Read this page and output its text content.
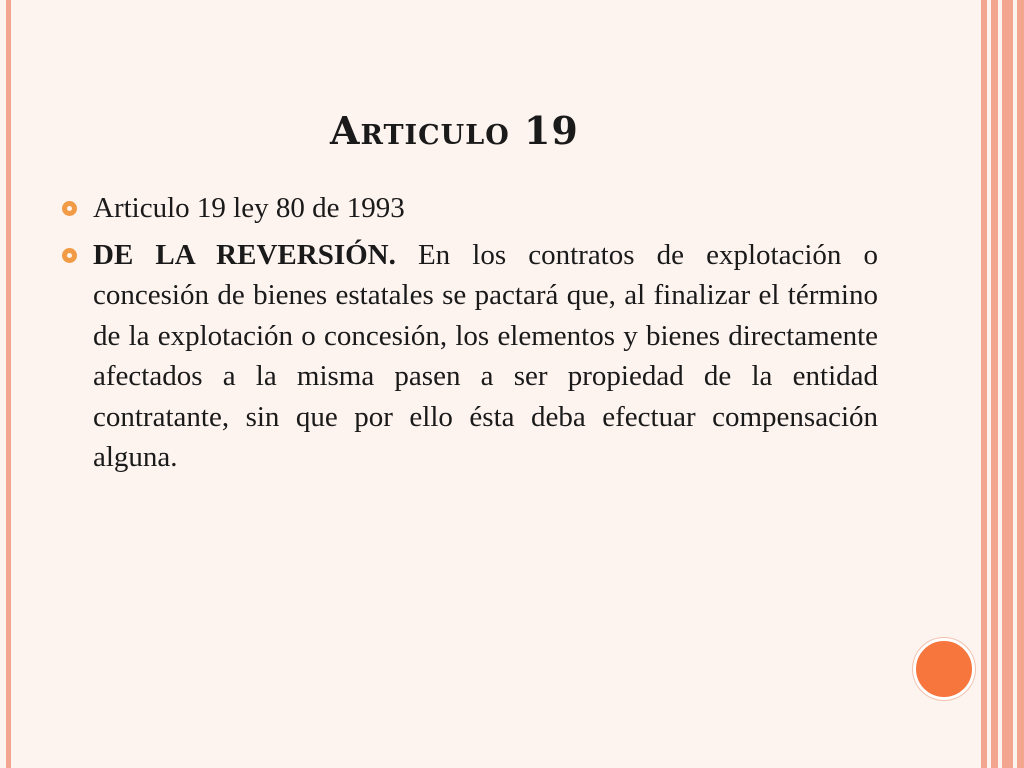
Articulo 19
Articulo 19 ley 80 de 1993
DE LA REVERSIÓN. En los contratos de explotación o concesión de bienes estatales se pactará que, al finalizar el término de la explotación o concesión, los elementos y bienes directamente afectados a la misma pasen a ser propiedad de la entidad contratante, sin que por ello ésta deba efectuar compensación alguna.
